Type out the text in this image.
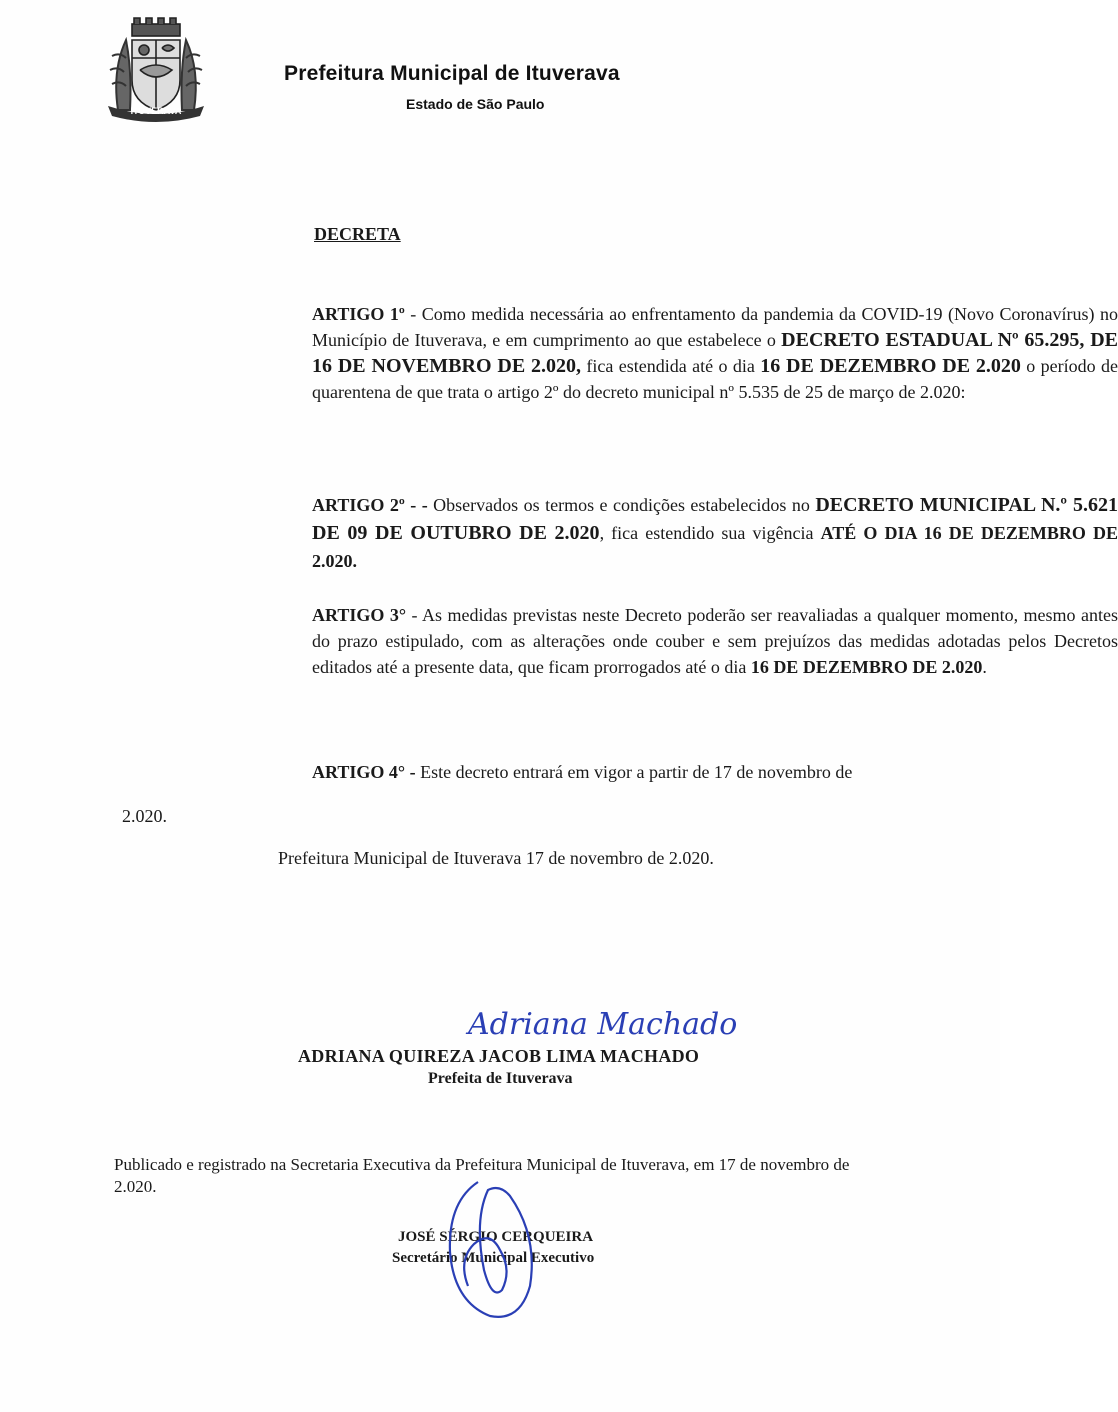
ITUVERAVA
Prefeitura Municipal de Ituverava
Estado de São Paulo
DECRETA
ARTIGO 1º - Como medida necessária ao enfrentamento da pandemia da COVID-19 (Novo Coronavírus) no Município de Ituverava, e em cumprimento ao que estabelece o DECRETO ESTADUAL Nº 65.295, DE 16 DE NOVEMBRO DE 2.020, fica estendida até o dia 16 DE DEZEMBRO DE 2.020 o período de quarentena de que trata o artigo 2º do decreto municipal nº 5.535 de 25 de março de 2.020:
ARTIGO 2º - - Observados os termos e condições estabelecidos no DECRETO MUNICIPAL N.º 5.621 DE 09 DE OUTUBRO DE 2.020, fica estendido sua vigência ATÉ O DIA 16 DE DEZEMBRO DE 2.020.
ARTIGO 3° - As medidas previstas neste Decreto poderão ser reavaliadas a qualquer momento, mesmo antes do prazo estipulado, com as alterações onde couber e sem prejuízos das medidas adotadas pelos Decretos editados até a presente data, que ficam prorrogados até o dia 16 DE DEZEMBRO DE 2.020.
ARTIGO 4° - Este decreto entrará em vigor a partir de 17 de novembro de
2.020.
Prefeitura Municipal de Ituverava 17 de novembro de 2.020.
Adriana Machado
ADRIANA QUIREZA JACOB LIMA MACHADO
Prefeita de Ituverava
Publicado e registrado na Secretaria Executiva da Prefeitura Municipal de Ituverava, em 17 de novembro de 2.020.
JOSÉ SÉRGIO CERQUEIRA
Secretário Municipal Executivo
